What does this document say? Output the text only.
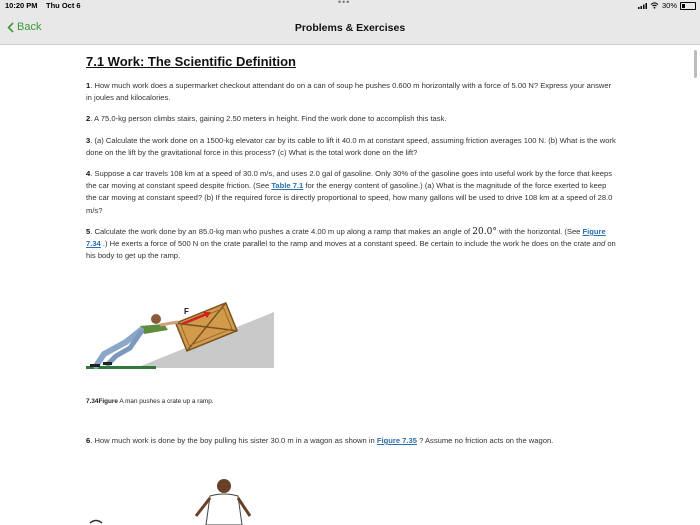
10:20 PM Thu Oct 6	•••	30%
Back	Problems & Exercises
7.1 Work: The Scientific Definition

1. How much work does a supermarket checkout attendant do on a can of soup he pushes 0.600 m horizontally with a force of 5.00 N? Express your answer in joules and kilocalories.

2. A 75.0-kg person climbs stairs, gaining 2.50 meters in height. Find the work done to accomplish this task.

3. (a) Calculate the work done on a 1500-kg elevator car by its cable to lift it 40.0 m at constant speed, assuming friction averages 100 N. (b) What is the work done on the lift by the gravitational force in this process? (c) What is the total work done on the lift?

4. Suppose a car travels 108 km at a speed of 30.0 m/s, and uses 2.0 gal of gasoline. Only 30% of the gasoline goes into useful work by the force that keeps the car moving at constant speed despite friction. (See Table 7.1 for the energy content of gasoline.) (a) What is the magnitude of the force exerted to keep the car moving at constant speed? (b) If the required force is directly proportional to speed, how many gallons will be used to drive 108 km at a speed of 28.0 m/s?

5. Calculate the work done by an 85.0-kg man who pushes a crate 4.00 m up along a ramp that makes an angle of 20.0° with the horizontal. (See Figure 7.34 .) He exerts a force of 500 N on the crate parallel to the ramp and moves at a constant speed. Be certain to include the work he does on the crate and on his body to get up the ramp.

F
7.34Figure A man pushes a crate up a ramp.

6. How much work is done by the boy pulling his sister 30.0 m in a wagon as shown in Figure 7.35 ? Assume no friction acts on the wagon.
